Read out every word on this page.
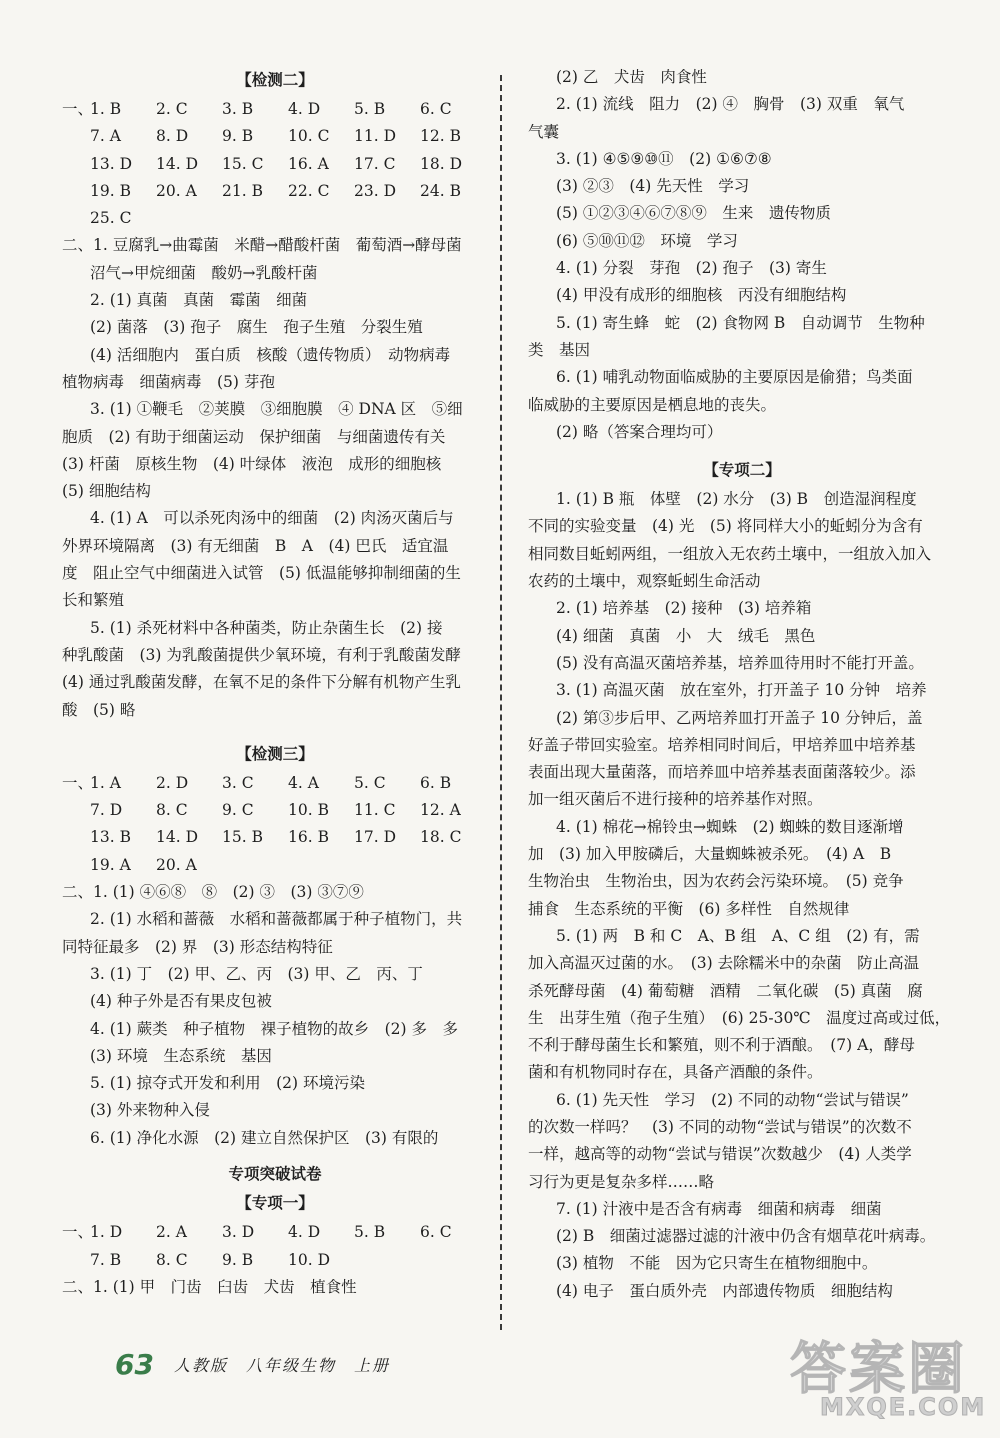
【检测二】
一、
1. B	2. C	3. B	4. D	5. B	6. C
7. A	8. D	9. B	10. C	11. D	12. B
13. D	14. D	15. C	16. A	17. C	18. D
19. B	20. A	21. B	22. C	23. D	24. B
25. C
二、1. 豆腐乳→曲霉菌　米醋→醋酸杆菌　葡萄酒→酵母菌
沼气→甲烷细菌　酸奶→乳酸杆菌
2. (1) 真菌　真菌　霉菌　细菌
(2) 菌落　(3) 孢子　腐生　孢子生殖　分裂生殖
(4) 活细胞内　蛋白质　核酸（遗传物质）　动物病毒
植物病毒　细菌病毒　(5) 芽孢
3. (1) ①鞭毛　②荚膜　③细胞膜　④ DNA 区　⑤细
胞质　(2) 有助于细菌运动　保护细菌　与细菌遗传有关
(3) 杆菌　原核生物　(4) 叶绿体　液泡　成形的细胞核
(5) 细胞结构
4. (1) A　可以杀死肉汤中的细菌　(2) 肉汤灭菌后与
外界环境隔离　(3) 有无细菌　B　A　(4) 巴氏　适宜温
度　阻止空气中细菌进入试管　(5) 低温能够抑制细菌的生
长和繁殖
5. (1) 杀死材料中各种菌类，防止杂菌生长　(2) 接
种乳酸菌　(3) 为乳酸菌提供少氧环境，有利于乳酸菌发酵
(4) 通过乳酸菌发酵，在氧不足的条件下分解有机物产生乳
酸　(5) 略
【检测三】
一、
1. A	2. D	3. C	4. A	5. C	6. B
7. D	8. C	9. C	10. B	11. C	12. A
13. B	14. D	15. B	16. B	17. D	18. C
19. A	20. A
二、1. (1) ④⑥⑧　⑧　(2) ③　(3) ③⑦⑨
2. (1) 水稻和蔷薇　水稻和蔷薇都属于种子植物门，共
同特征最多　(2) 界　(3) 形态结构特征
3. (1) 丁　(2) 甲、乙、丙　(3) 甲、乙　丙、丁
(4) 种子外是否有果皮包被
4. (1) 蕨类　种子植物　裸子植物的故乡　(2) 多　多
(3) 环境　生态系统　基因
5. (1) 掠夺式开发和利用　(2) 环境污染
(3) 外来物种入侵
6. (1) 净化水源　(2) 建立自然保护区　(3) 有限的
专项突破试卷
【专项一】
一、
1. D	2. A	3. D	4. D	5. B	6. C
7. B	8. C	9. B	10. D
二、1. (1) 甲　门齿　臼齿　犬齿　植食性
(2) 乙　犬齿　肉食性
2. (1) 流线　阻力　(2) ④　胸骨　(3) 双重　氧气
气囊
3. (1) ④⑤⑨⑩⑪　(2) ①⑥⑦⑧
(3) ②③　(4) 先天性　学习
(5) ①②③④⑥⑦⑧⑨　生来　遗传物质
(6) ⑤⑩⑪⑫　环境　学习
4. (1) 分裂　芽孢　(2) 孢子　(3) 寄生
(4) 甲没有成形的细胞核　丙没有细胞结构
5. (1) 寄生蜂　蛇　(2) 食物网 B　自动调节　生物种
类　基因
6. (1) 哺乳动物面临威胁的主要原因是偷猎；鸟类面
临威胁的主要原因是栖息地的丧失。
(2) 略（答案合理均可）
【专项二】
1. (1) B 瓶　体壁　(2) 水分　(3) B　创造湿润程度
不同的实验变量　(4) 光　(5) 将同样大小的蚯蚓分为含有
相同数目蚯蚓两组，一组放入无农药土壤中，一组放入加入
农药的土壤中，观察蚯蚓生命活动
2. (1) 培养基　(2) 接种　(3) 培养箱
(4) 细菌　真菌　小　大　绒毛　黑色
(5) 没有高温灭菌培养基，培养皿待用时不能打开盖。
3. (1) 高温灭菌　放在室外，打开盖子 10 分钟　培养
(2) 第③步后甲、乙两培养皿打开盖子 10 分钟后，盖
好盖子带回实验室。培养相同时间后，甲培养皿中培养基
表面出现大量菌落，而培养皿中培养基表面菌落较少。添
加一组灭菌后不进行接种的培养基作对照。
4. (1) 棉花→棉铃虫→蜘蛛　(2) 蜘蛛的数目逐渐增
加　(3) 加入甲胺磷后，大量蜘蛛被杀死。　(4) A　B
生物治虫　生物治虫，因为农药会污染环境。　(5) 竞争
捕食　生态系统的平衡　(6) 多样性　自然规律
5. (1) 两　B 和 C　A、B 组　A、C 组　(2) 有，需
加入高温灭过菌的水。　(3) 去除糯米中的杂菌　防止高温
杀死酵母菌　(4) 葡萄糖　酒精　二氧化碳　(5) 真菌　腐
生　出芽生殖（孢子生殖）　(6) 25-30℃　温度过高或过低，
不利于酵母菌生长和繁殖，则不利于酒酿。　(7) A，酵母
菌和有机物同时存在，具备产酒酿的条件。
6. (1) 先天性　学习　(2) 不同的动物“尝试与错误”
的次数一样吗？　(3) 不同的动物“尝试与错误”的次数不
一样，越高等的动物“尝试与错误”次数越少　(4) 人类学
习行为更是复杂多样……略
7. (1) 汁液中是否含有病毒　细菌和病毒　细菌
(2) B　细菌过滤器过滤的汁液中仍含有烟草花叶病毒。
(3) 植物　不能　因为它只寄生在植物细胞中。
(4) 电子　蛋白质外壳　内部遗传物质　细胞结构
63 人教版　八年级生物　上册	答案圈
MXQE.COM
